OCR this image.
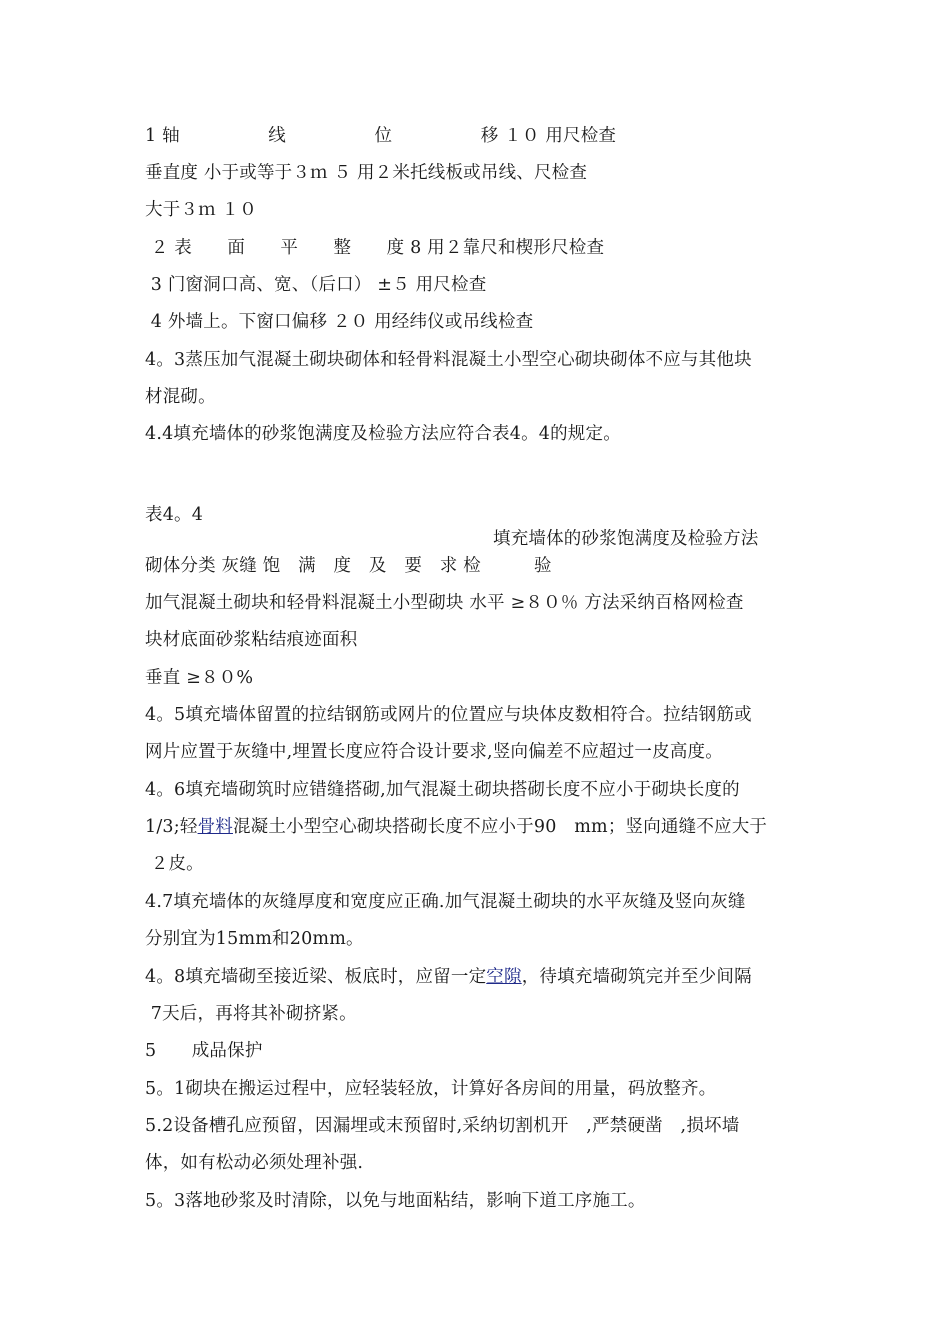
1 轴　　　　　线　　　　　位　　　　　移 １０ 用尺检查
垂直度 小于或等于３ｍ ５ 用２米托线板或吊线、尺检查
大于３ｍ １０
２ 表　　面　　平　　整　　度 8 用２靠尺和楔形尺检查
3 门窗洞口高、宽、（后口） ±５ 用尺检查
4 外墙上。下窗口偏移 ２０ 用经纬仪或吊线检查
4。3蒸压加气混凝土砌块砌体和轻骨料混凝土小型空心砌块砌体不应与其他块
材混砌。
4.4填充墙体的砂浆饱满度及检验方法应符合表4。4的规定。

表4。4

填充墙体的砂浆饱满度及检验方法

砌体分类 灰缝 饱　满　度　及　要　求 检　　　验
加气混凝土砌块和轻骨料混凝土小型砌块 水平 ≥８０％ 方法采纳百格网检查
块材底面砂浆粘结痕迹面积
垂直 ≥８０%
4。5填充墙体留置的拉结钢筋或网片的位置应与块体皮数相符合。拉结钢筋或
网片应置于灰缝中,埋置长度应符合设计要求,竖向偏差不应超过一皮高度。
4。6填充墙砌筑时应错缝搭砌,加气混凝土砌块搭砌长度不应小于砌块长度的
1/3;轻骨料混凝土小型空心砌块搭砌长度不应小于90　mm；竖向通缝不应大于
２皮。
4.7填充墙体的灰缝厚度和宽度应正确.加气混凝土砌块的水平灰缝及竖向灰缝
分别宜为15mm和20mm。
4。8填充墙砌至接近梁、板底时，应留一定空隙，待填充墙砌筑完并至少间隔
7天后，再将其补砌挤紧。
5　　成品保护
5。1砌块在搬运过程中，应轻装轻放，计算好各房间的用量，码放整齐。
5.2设备槽孔应预留，因漏埋或末预留时,采纳切割机开　,严禁硬凿　,损坏墙
体，如有松动必须处理补强.
5。3落地砂浆及时清除，以免与地面粘结，影响下道工序施工。
